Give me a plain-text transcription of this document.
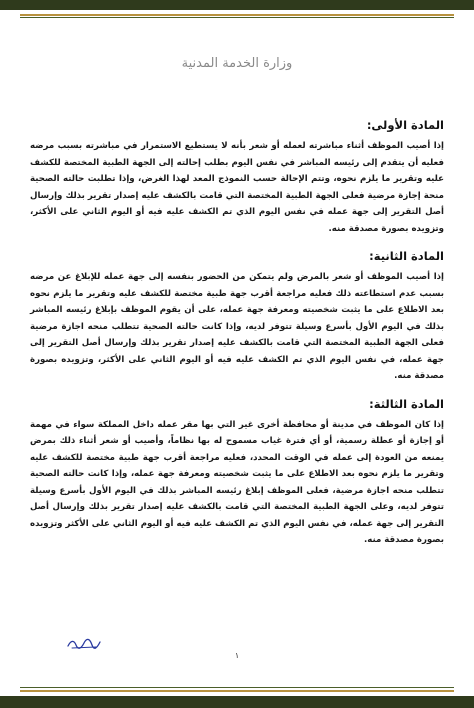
وزارة الخدمة المدنية

المادة الأولى:

إذا أصيب الموظف أثناء مباشرته لعمله أو شعر بأنه لا يستطيع الاستمرار في مباشرته بسبب مرضه فعليه أن يتقدم إلى رئيسه المباشر في نفس اليوم بطلب إحالته إلى الجهة الطبية المختصة للكشف عليه وتقرير ما يلزم نحوه، وتتم الإحالة حسب النموذج المعد لهذا الغرض، وإذا تطلبت حالته الصحية منحة إجازة مرضية فعلى الجهة الطبية المختصة التي قامت بالكشف عليه إصدار تقرير بذلك وإرسال أصل التقرير إلى جهة عمله في نفس اليوم الذي تم الكشف عليه فيه أو اليوم الثاني على الأكثر، وتزويده بصورة مصدقة منه.

المادة الثانية:

إذا أصيب الموظف أو شعر بالمرض ولم يتمكن من الحضور بنفسه إلى جهة عمله للإبلاغ عن مرضه بسبب عدم استطاعته ذلك فعليه مراجعة أقرب جهة طبية مختصة للكشف عليه وتقرير ما يلزم نحوه بعد الاطلاع على ما يثبت شخصيته ومعرفة جهة عمله، على أن يقوم الموظف بإبلاغ رئيسه المباشر بذلك في اليوم الأول بأسرع وسيلة تتوفر لديه، وإذا كانت حالته الصحية تتطلب منحه اجازة مرضية فعلى الجهة الطبية المختصة التي قامت بالكشف عليه إصدار تقرير بذلك وإرسال أصل التقرير إلى جهة عمله، في نفس اليوم الذي تم الكشف عليه فيه أو اليوم الثاني على الأكثر، وتزويده بصورة مصدقة منه.

المادة الثالثة:

إذا كان الموظف في مدينة أو محافظة أخرى غير التي بها مقر عمله داخل المملكة سواء في مهمة أو إجازة أو عطلة رسمية، أو أي فترة غياب مسموح له بها نظاماً، وأصيب أو شعر أثناء ذلك بمرض يمنعه من العودة إلى عمله في الوقت المحدد، فعليه مراجعة أقرب جهة طبية مختصة للكشف عليه وتقرير ما يلزم نحوه بعد الاطلاع على ما يثبت شخصيته ومعرفة جهة عمله، وإذا كانت حالته الصحية تتطلب منحه اجازة مرضية، فعلى الموظف إبلاغ رئيسه المباشر بذلك في اليوم الأول بأسرع وسيلة تتوفر لديه، وعلى الجهة الطبية المختصة التي قامت بالكشف عليه إصدار تقرير بذلك وإرسال أصل التقرير إلى جهة عمله، في نفس اليوم الذي تم الكشف عليه فيه أو اليوم الثاني على الأكثر وتزويده بصورة مصدقة منه.

١
